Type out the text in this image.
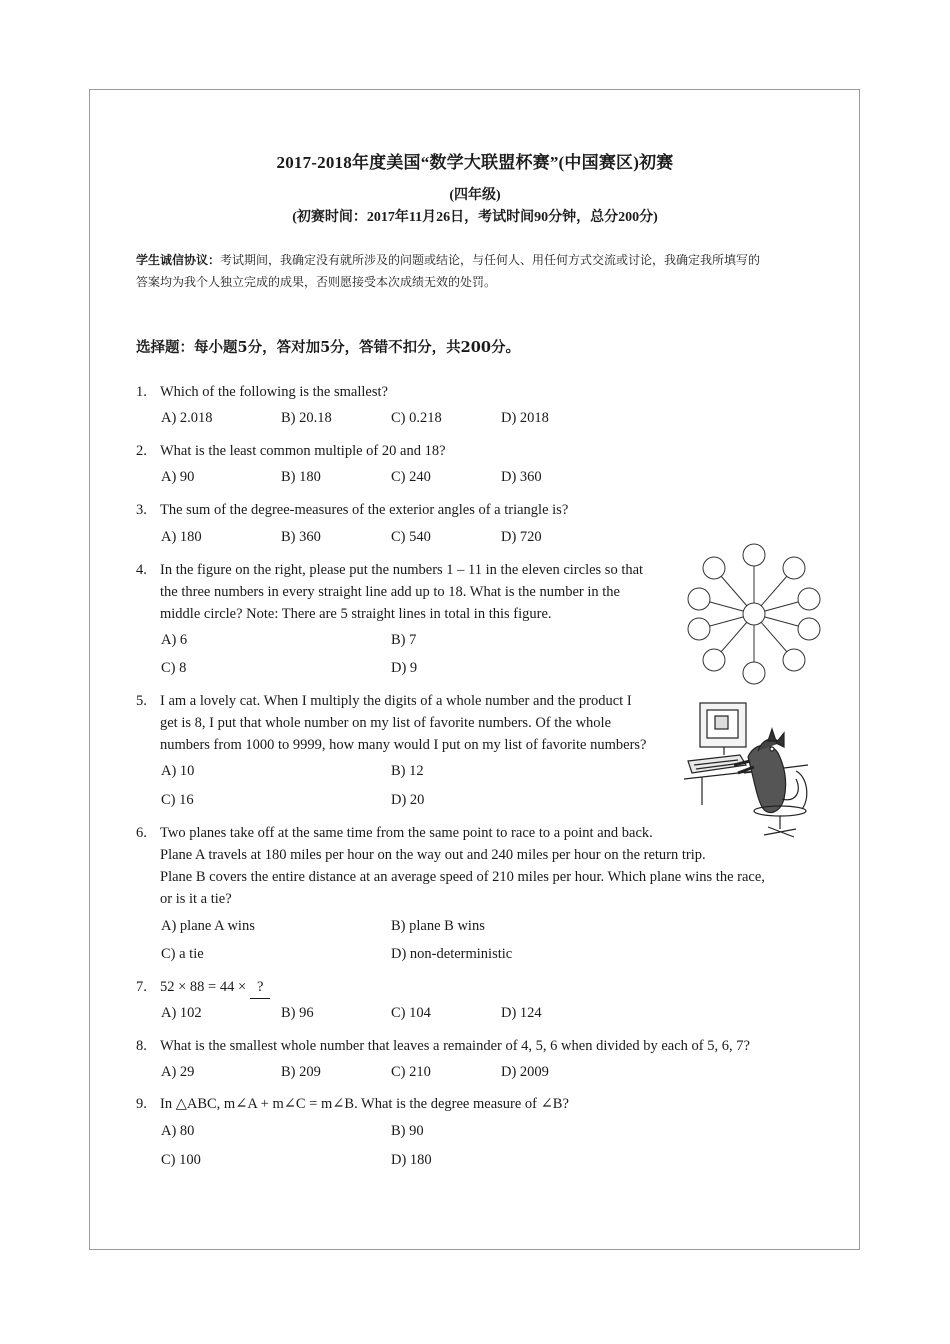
2017-2018年度美国“数学大联盟杯赛”(中国赛区)初赛
(四年级)
(初赛时间：2017年11月26日，考试时间90分钟，总分200分)
学生诚信协议：考试期间，我确定没有就所涉及的问题或结论，与任何人、用任何方式交流或讨论，我确定我所填写的
答案均为我个人独立完成的成果，否则愿接受本次成绩无效的处罚。
选择题：每小题5分，答对加5分，答错不扣分，共200分。
1. Which of the following is the smallest?
A) 2.018	B) 20.18	C) 0.218	D) 2018
2. What is the least common multiple of 20 and 18?
A) 90	B) 180	C) 240	D) 360
3. The sum of the degree-measures of the exterior angles of a triangle is?
A) 180	B) 360	C) 540	D) 720
4. In the figure on the right, please put the numbers 1 – 11 in the eleven circles so that
the three numbers in every straight line add up to 18. What is the number in the
middle circle? Note: There are 5 straight lines in total in this figure.
A) 6	B) 7
C) 8	D) 9
5. I am a lovely cat. When I multiply the digits of a whole number and the product I
get is 8, I put that whole number on my list of favorite numbers. Of the whole
numbers from 1000 to 9999, how many would I put on my list of favorite numbers?
A) 10	B) 12
C) 16	D) 20
6. Two planes take off at the same time from the same point to race to a point and back.
Plane A travels at 180 miles per hour on the way out and 240 miles per hour on the return trip.
Plane B covers the entire distance at an average speed of 210 miles per hour. Which plane wins the race,
or is it a tie?
A) plane A wins	B) plane B wins
C) a tie	D) non-deterministic
7. 52 × 88 = 44 × ?
A) 102	B) 96	C) 104	D) 124
8. What is the smallest whole number that leaves a remainder of 4, 5, 6 when divided by each of 5, 6, 7?
A) 29	B) 209	C) 210	D) 2009
9. In △ABC, m∠A + m∠C = m∠B. What is the degree measure of ∠B?
A) 80	B) 90
C) 100	D) 180
